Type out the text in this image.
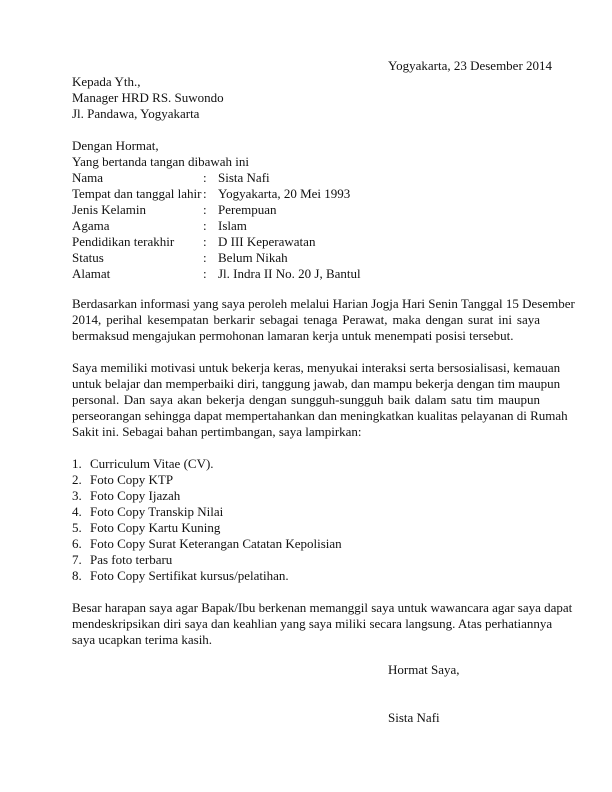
Yogyakarta, 23 Desember 2014
Kepada Yth.,
Manager HRD RS. Suwondo
Jl. Pandawa, Yogyakarta
Dengan Hormat,
Yang bertanda tangan dibawah ini
Nama	: Sista Nafi
Tempat dan tanggal lahir : Yogyakarta, 20 Mei 1993
Jenis Kelamin	: Perempuan
Agama	: Islam
Pendidikan terakhir : D III Keperawatan
Status	: Belum Nikah
Alamat	: Jl. Indra II No. 20 J, Bantul
Berdasarkan informasi yang saya peroleh melalui Harian Jogja Hari Senin Tanggal 15 Desember
2014, perihal kesempatan berkarir sebagai tenaga Perawat, maka dengan surat ini saya
bermaksud mengajukan permohonan lamaran kerja untuk menempati posisi tersebut.
Saya memiliki motivasi untuk bekerja keras, menyukai interaksi serta bersosialisasi, kemauan
untuk belajar dan memperbaiki diri, tanggung jawab, dan mampu bekerja dengan tim maupun
personal. Dan saya akan bekerja dengan sungguh-sungguh baik dalam satu tim maupun
perseorangan sehingga dapat mempertahankan dan meningkatkan kualitas pelayanan di Rumah
Sakit ini. Sebagai bahan pertimbangan, saya lampirkan:
1. Curriculum Vitae (CV).
2. Foto Copy KTP
3. Foto Copy Ijazah
4. Foto Copy Transkip Nilai
5. Foto Copy Kartu Kuning
6. Foto Copy Surat Keterangan Catatan Kepolisian
7. Pas foto terbaru
8. Foto Copy Sertifikat kursus/pelatihan.
Besar harapan saya agar Bapak/Ibu berkenan memanggil saya untuk wawancara agar saya dapat
mendeskripsikan diri saya dan keahlian yang saya miliki secara langsung. Atas perhatiannya
saya ucapkan terima kasih.
Hormat Saya,
Sista Nafi
